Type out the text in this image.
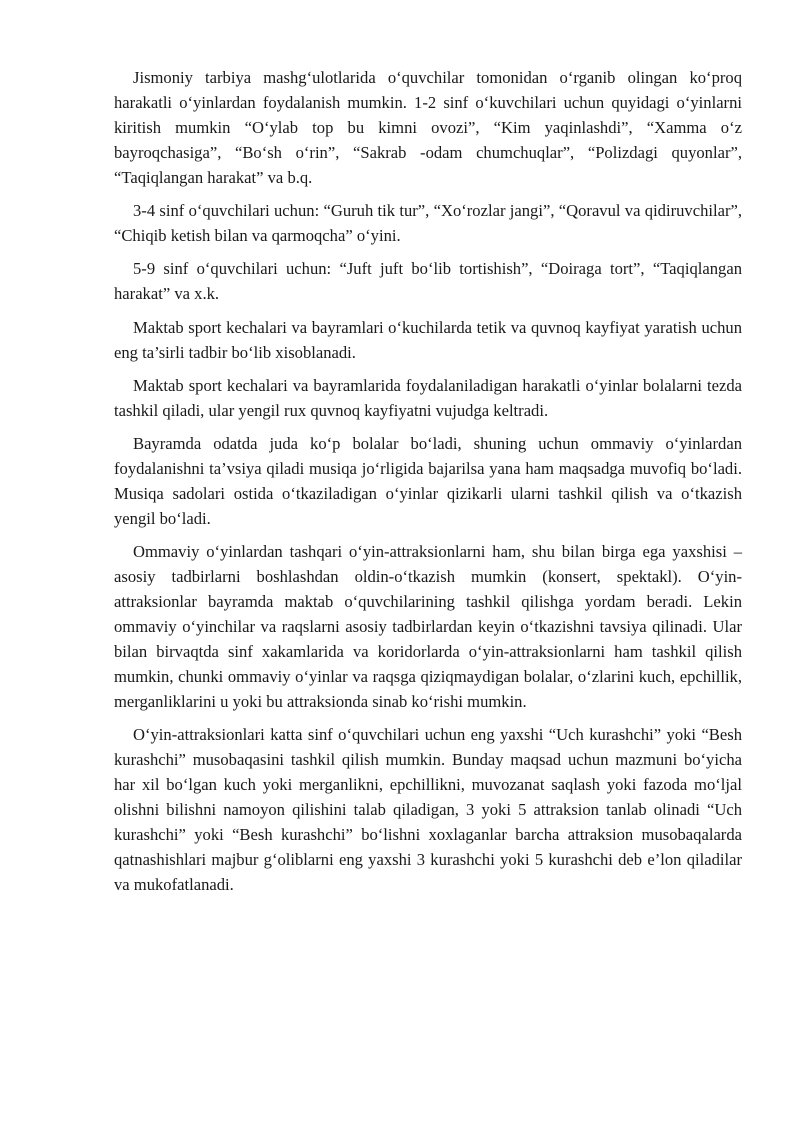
Jismoniy tarbiya mashg‘ulotlarida o‘quvchilar tomonidan o‘rganib olingan ko‘proq harakatli o‘yinlardan foydalanish mumkin. 1-2 sinf o‘kuvchilari uchun quyidagi o‘yinlarni kiritish mumkin “O‘ylab top bu kimni ovozi”, “Kim yaqinlashdi”, “Xamma o‘z bayroqchasiga”, “Bo‘sh o‘rin”, “Sakrab -odam chumchuqlar”, “Polizdagi quyonlar”, “Taqiqlangan harakat” va b.q.

3-4 sinf o‘quvchilari uchun: “Guruh tik tur”, “Xo‘rozlar jangi”, “Qoravul va qidiruvchilar”, “Chiqib ketish bilan va qarmoqcha” o‘yini.

5-9 sinf o‘quvchilari uchun: “Juft juft bo‘lib tortishish”, “Doiraga tort”, “Taqiqlangan harakat” va x.k.

Maktab sport kechalari va bayramlari o‘kuchilarda tetik va quvnoq kayfiyat yaratish uchun eng ta’sirli tadbir bo‘lib xisoblanadi.

Maktab sport kechalari va bayramlarida foydalaniladigan harakatli o‘yinlar bolalarni tezda tashkil qiladi, ular yengil rux quvnoq kayfiyatni vujudga keltradi.

Bayramda odatda juda ko‘p bolalar bo‘ladi, shuning uchun ommaviy o‘yinlardan foydalanishni ta’vsiya qiladi musiqa jo‘rligida bajarilsa yana ham maqsadga muvofiq bo‘ladi. Musiqa sadolari ostida o‘tkaziladigan o‘yinlar qizikarli ularni tashkil qilish va o‘tkazish yengil bo‘ladi.

Ommaviy o‘yinlardan tashqari o‘yin-attraksionlarni ham, shu bilan birga ega yaxshisi – asosiy tadbirlarni boshlashdan oldin-o‘tkazish mumkin (konsert, spektakl). O‘yin-attraksionlar bayramda maktab o‘quvchilarining tashkil qilishga yordam beradi. Lekin ommaviy o‘yinchilar va raqslarni asosiy tadbirlardan keyin o‘tkazishni tavsiya qilinadi. Ular bilan birvaqtda sinf xakamlarida va koridorlarda o‘yin-attraksionlarni ham tashkil qilish mumkin, chunki ommaviy o‘yinlar va raqsga qiziqmaydigan bolalar, o‘zlarini kuch, epchillik, merganliklarini u yoki bu attraksionda sinab ko‘rishi mumkin.

O‘yin-attraksionlari katta sinf o‘quvchilari uchun eng yaxshi “Uch kurashchi” yoki “Besh kurashchi” musobaqasini tashkil qilish mumkin. Bunday maqsad uchun mazmuni bo‘yicha har xil bo‘lgan kuch yoki merganlikni, epchillikni, muvozanat saqlash yoki fazoda mo‘ljal olishni bilishni namoyon qilishini talab qiladigan, 3 yoki 5 attraksion tanlab olinadi “Uch kurashchi” yoki “Besh kurashchi” bo‘lishni xoxlaganlar barcha attraksion musobaqalarda qatnashishlari majbur g‘oliblarni eng yaxshi 3 kurashchi yoki 5 kurashchi deb e’lon qiladilar va mukofatlanadi.
